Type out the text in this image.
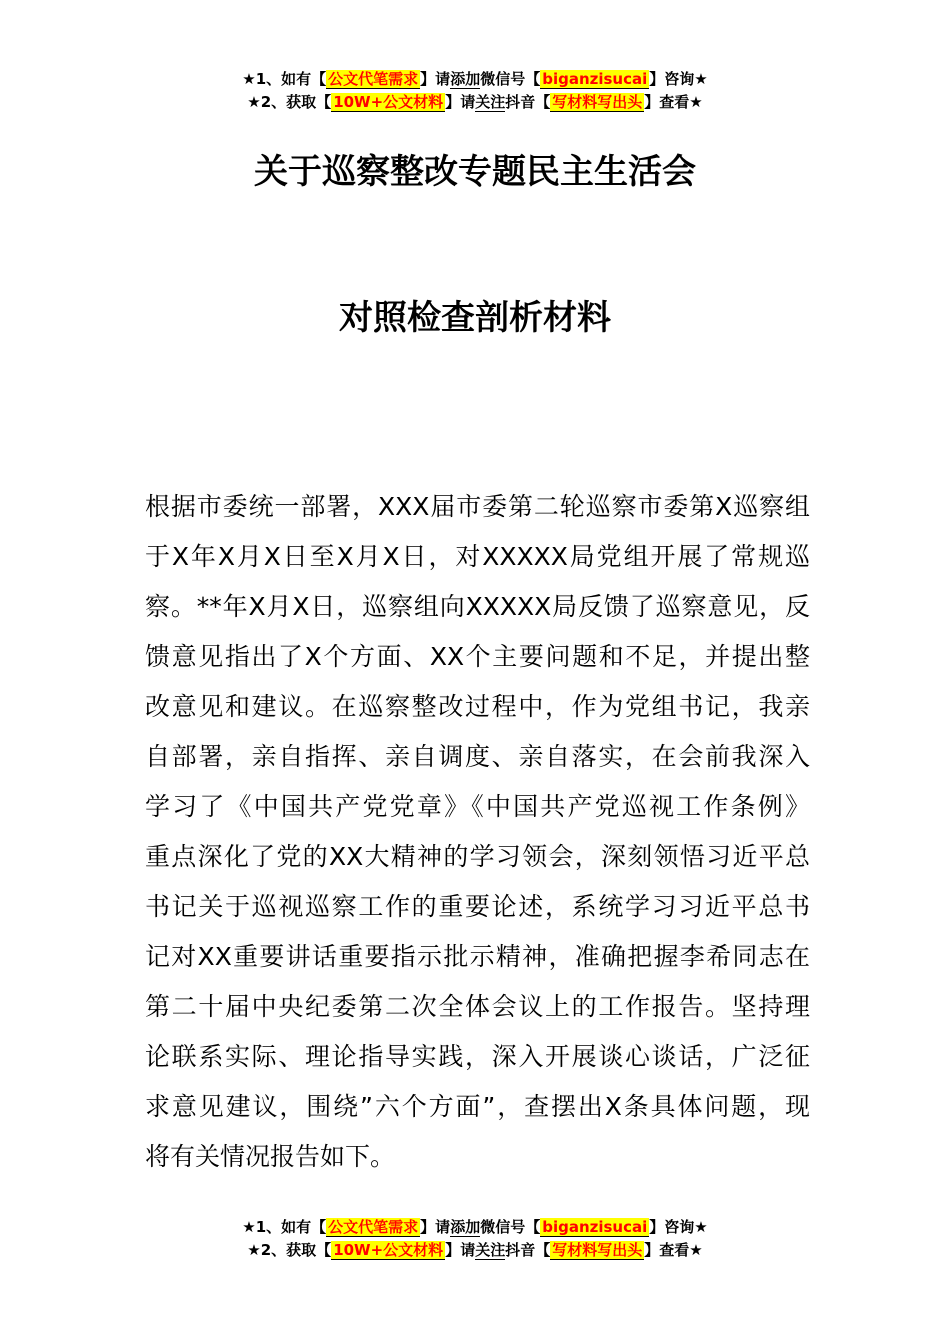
★1、如有【 公文代笔需求 】请添加微信号【 biganzisucai 】咨询★
★2、获取【 10W+公文材料 】请关注抖音【 写材料写出头 】查看★
关于巡察整改专题民主生活会
对照检查剖析材料
根据市委统一部署，XXX届市委第二轮巡察市委第X巡察组
于X年X月X日至X月X日，对XXXXX局党组开展了常规巡
察。**年X月X日，巡察组向XXXXX局反馈了巡察意见，反
馈意见指出了X个方面、XX个主要问题和不足，并提出整
改意见和建议。在巡察整改过程中，作为党组书记，我亲
自部署，亲自指挥、亲自调度、亲自落实，在会前我深入
学习了《中国共产党党章》《中国共产党巡视工作条例》
重点深化了党的XX大精神的学习领会，深刻领悟习近平总
书记关于巡视巡察工作的重要论述，系统学习习近平总书
记对XX重要讲话重要指示批示精神，准确把握李希同志在
第二十届中央纪委第二次全体会议上的工作报告。坚持理
论联系实际、理论指导实践，深入开展谈心谈话，广泛征
求意见建议，围绕”六个方面”，查摆出X条具体问题，现
将有关情况报告如下。
★1、如有【 公文代笔需求 】请添加微信号【 biganzisucai 】咨询★
★2、获取【 10W+公文材料 】请关注抖音【 写材料写出头 】查看★
